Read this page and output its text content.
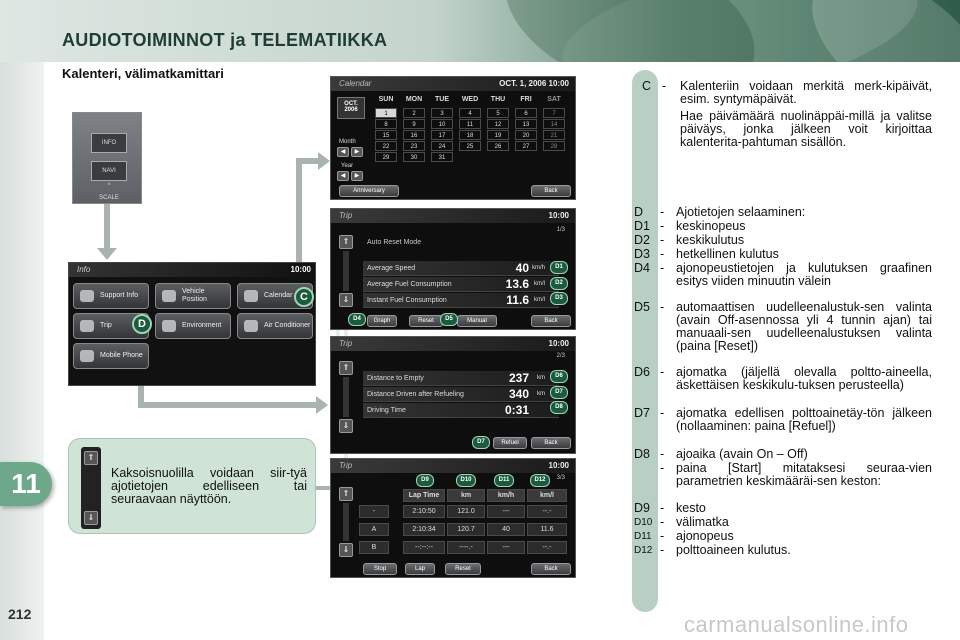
AUDIOTOIMINNOT ja TELEMATIIKKA
Kalenteri, välimatkamittari
INFO
NAVI
^
SCALE
Info	10:00
Support Info
Vehicle Position
Calendar
Trip	Environment	Air Conditioner
Mobile Phone
C
D
Calendar	OCT. 1, 2006 10:00
OCT. 2006
Month
◀	▶
Year
◀	▶
SUN	MON	TUE	WED	THU	FRI	SAT
1	2	3	4	5	6	7
8	9	10	11	12	13	14
15	16	17	18	19	20	21
22	23	24	25	26	27	28
29	30	31
Anniversary	Back
Trip	10:00
1/3
⇑
⇓
Auto Reset Mode
Average Speed	40 km/h
Average Fuel Consumption	13.6 km/l
Instant Fuel Consumption	11.6 km/l
Graph	Reset	Manual	Back
Trip	10:00
2/3
⇑
⇓
Distance to Empty	237 km
Distance Driven after Refueling	340 km
Driving Time	0:31
Refuel	Back
Trip	10:00
3/3
⇑
⇓
Lap Time	km	km/h	km/l
-	2:10:50	121.0	---	--.-
A	2:10:34	120.7	40	11.6
B	--:--:--	----.-	---	--.-
Stop	Lap	Reset	Back
D1
D2
D3
D4	D5
D6
D7
D8
D7
D9	D10	D11	D12
⇑
⇓
Kaksoisnuolilla voidaan siir-tyä ajotietojen edelliseen tai seuraavaan näyttöön.
C - Kalenteriin voidaan merkitä merk-kipäivät, esim. syntymäpäivät.
Hae päivämäärä nuolinäppäi-millä ja valitse päiväys, jonka jälkeen voit kirjoittaa kalenterita-pahtuman sisällön.
D	- Ajotietojen selaaminen:
D1 - keskinopeus
D2 - keskikulutus
D3 - hetkellinen kulutus
D4 - ajonopeustietojen ja kulutuksen graafinen esitys viiden minuutin välein
D5 - automaattisen uudelleenalustuk-sen valinta (avain Off-asennossa yli 4 tunnin ajan) tai manuaali-sen uudelleenalustuksen valinta (paina [Reset])
D6 - ajomatka (jäljellä olevalla poltto-aineella, äskettäisen keskikulu-tuksen perusteella)
D7 - ajomatka edellisen polttoainetäy-tön jälkeen (nollaaminen: paina [Refuel])
D8 - ajoaika (avain On – Off)
- paina [Start] mitataksesi seuraa-vien parametrien keskimääräi-sen keston:
D9 - kesto
D10 - välimatka
D11 - ajonopeus
D12 - polttoaineen kulutus.
11
212	carmanualsonline.info
